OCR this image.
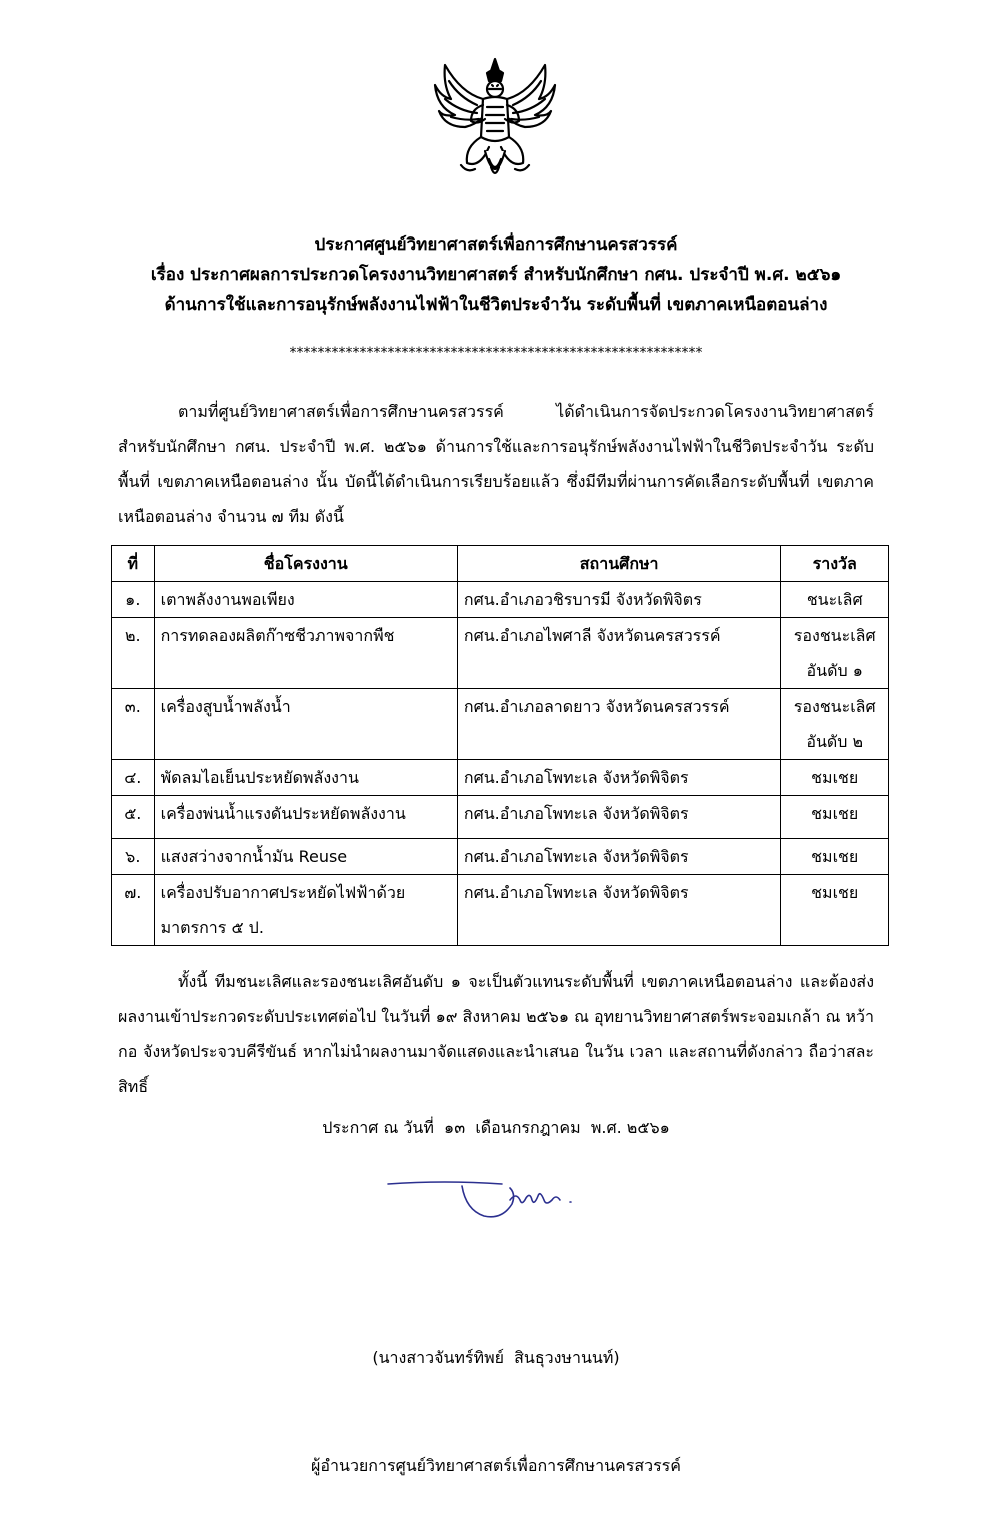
ประกาศศูนย์วิทยาศาสตร์เพื่อการศึกษานครสวรรค์
เรื่อง ประกาศผลการประกวดโครงงานวิทยาศาสตร์ สำหรับนักศึกษา กศน. ประจำปี พ.ศ. ๒๕๖๑
ด้านการใช้และการอนุรักษ์พลังงานไฟฟ้าในชีวิตประจำวัน ระดับพื้นที่ เขตภาคเหนือตอนล่าง
***********************************************************
ตามที่ศูนย์วิทยาศาสตร์เพื่อการศึกษานครสวรรค์ ได้ดำเนินการจัดประกวดโครงงานวิทยาศาสตร์ สำหรับนักศึกษา กศน. ประจำปี พ.ศ. ๒๕๖๑ ด้านการใช้และการอนุรักษ์พลังงานไฟฟ้าในชีวิตประจำวัน ระดับพื้นที่ เขตภาคเหนือตอนล่าง นั้น บัดนี้ได้ดำเนินการเรียบร้อยแล้ว ซึ่งมีทีมที่ผ่านการคัดเลือกระดับพื้นที่ เขตภาคเหนือตอนล่าง จำนวน ๗ ทีม ดังนี้
ที่	ชื่อโครงงาน	สถานศึกษา	รางวัล
๑.	เตาพลังงานพอเพียง	กศน.อำเภอวชิรบารมี จังหวัดพิจิตร	ชนะเลิศ
๒.	การทดลองผลิตก๊าซชีวภาพจากพืช	กศน.อำเภอไพศาลี จังหวัดนครสวรรค์	รองชนะเลิศ อันดับ ๑
๓.	เครื่องสูบน้ำพลังน้ำ	กศน.อำเภอลาดยาว จังหวัดนครสวรรค์	รองชนะเลิศ อันดับ ๒
๔.	พัดลมไอเย็นประหยัดพลังงาน	กศน.อำเภอโพทะเล จังหวัดพิจิตร	ชมเชย
๕.	เครื่องพ่นน้ำแรงดันประหยัดพลังงาน	กศน.อำเภอโพทะเล จังหวัดพิจิตร	ชมเชย
๖.	แสงสว่างจากน้ำมัน Reuse	กศน.อำเภอโพทะเล จังหวัดพิจิตร	ชมเชย
๗.	เครื่องปรับอากาศประหยัดไฟฟ้าด้วยมาตรการ ๕ ป.	กศน.อำเภอโพทะเล จังหวัดพิจิตร	ชมเชย
ทั้งนี้ ทีมชนะเลิศและรองชนะเลิศอันดับ ๑ จะเป็นตัวแทนระดับพื้นที่ เขตภาคเหนือตอนล่าง และต้องส่งผลงานเข้าประกวดระดับประเทศต่อไป ในวันที่ ๑๙ สิงหาคม ๒๕๖๑ ณ อุทยานวิทยาศาสตร์พระจอมเกล้า ณ หว้ากอ จังหวัดประจวบคีรีขันธ์ หากไม่นำผลงานมาจัดแสดงและนำเสนอ ในวัน เวลา และสถานที่ดังกล่าว ถือว่าสละสิทธิ์
ประกาศ ณ วันที่  ๑๓  เดือนกรกฎาคม  พ.ศ. ๒๕๖๑

(นางสาวจันทร์ทิพย์  สินธุวงษานนท์)

ผู้อำนวยการศูนย์วิทยาศาสตร์เพื่อการศึกษานครสวรรค์
